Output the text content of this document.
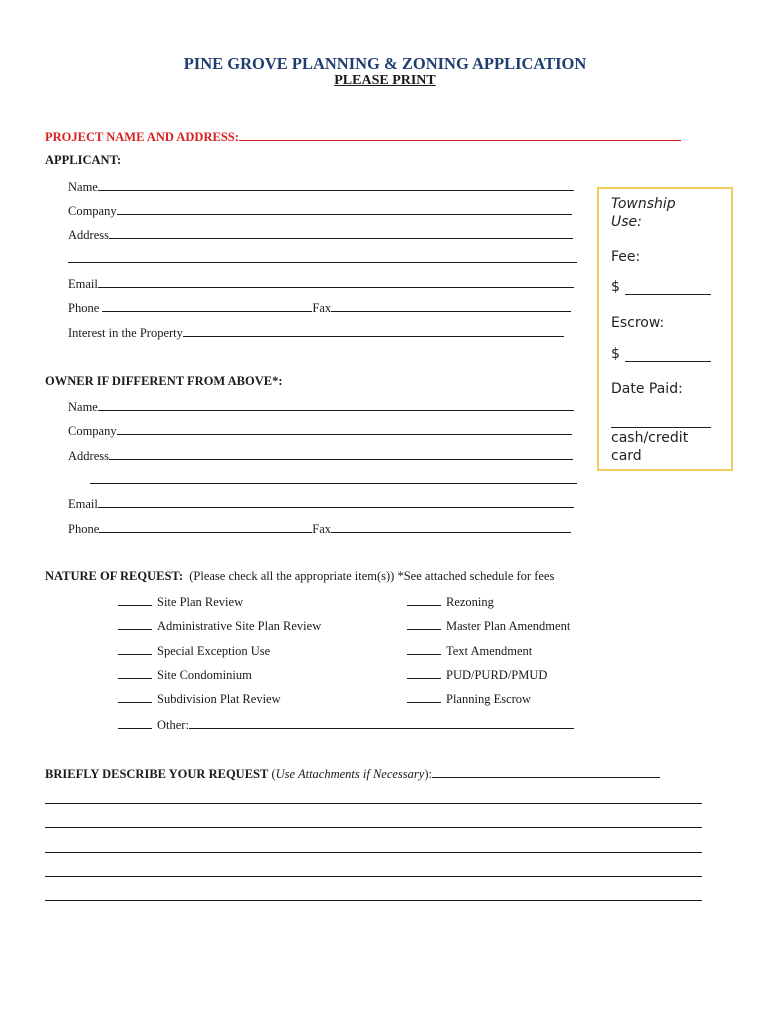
PINE GROVE PLANNING & ZONING APPLICATION
PLEASE PRINT
PROJECT NAME AND ADDRESS:
APPLICANT:
Name
Company
Address
Email
Phone	Fax
Interest in the Property
Township Use:
Fee:
$
Escrow:
$
Date Paid:
cash/credit card
OWNER IF DIFFERENT FROM ABOVE*:
Name
Company
Address
Email
Phone	Fax
NATURE OF REQUEST: (Please check all the appropriate item(s)) *See attached schedule for fees
Site Plan Review
Administrative Site Plan Review
Special Exception Use
Site Condominium
Subdivision Plat Review
Rezoning
Master Plan Amendment
Text Amendment
PUD/PURD/PMUD
Planning Escrow
Other:
BRIEFLY DESCRIBE YOUR REQUEST (Use Attachments if Necessary):
